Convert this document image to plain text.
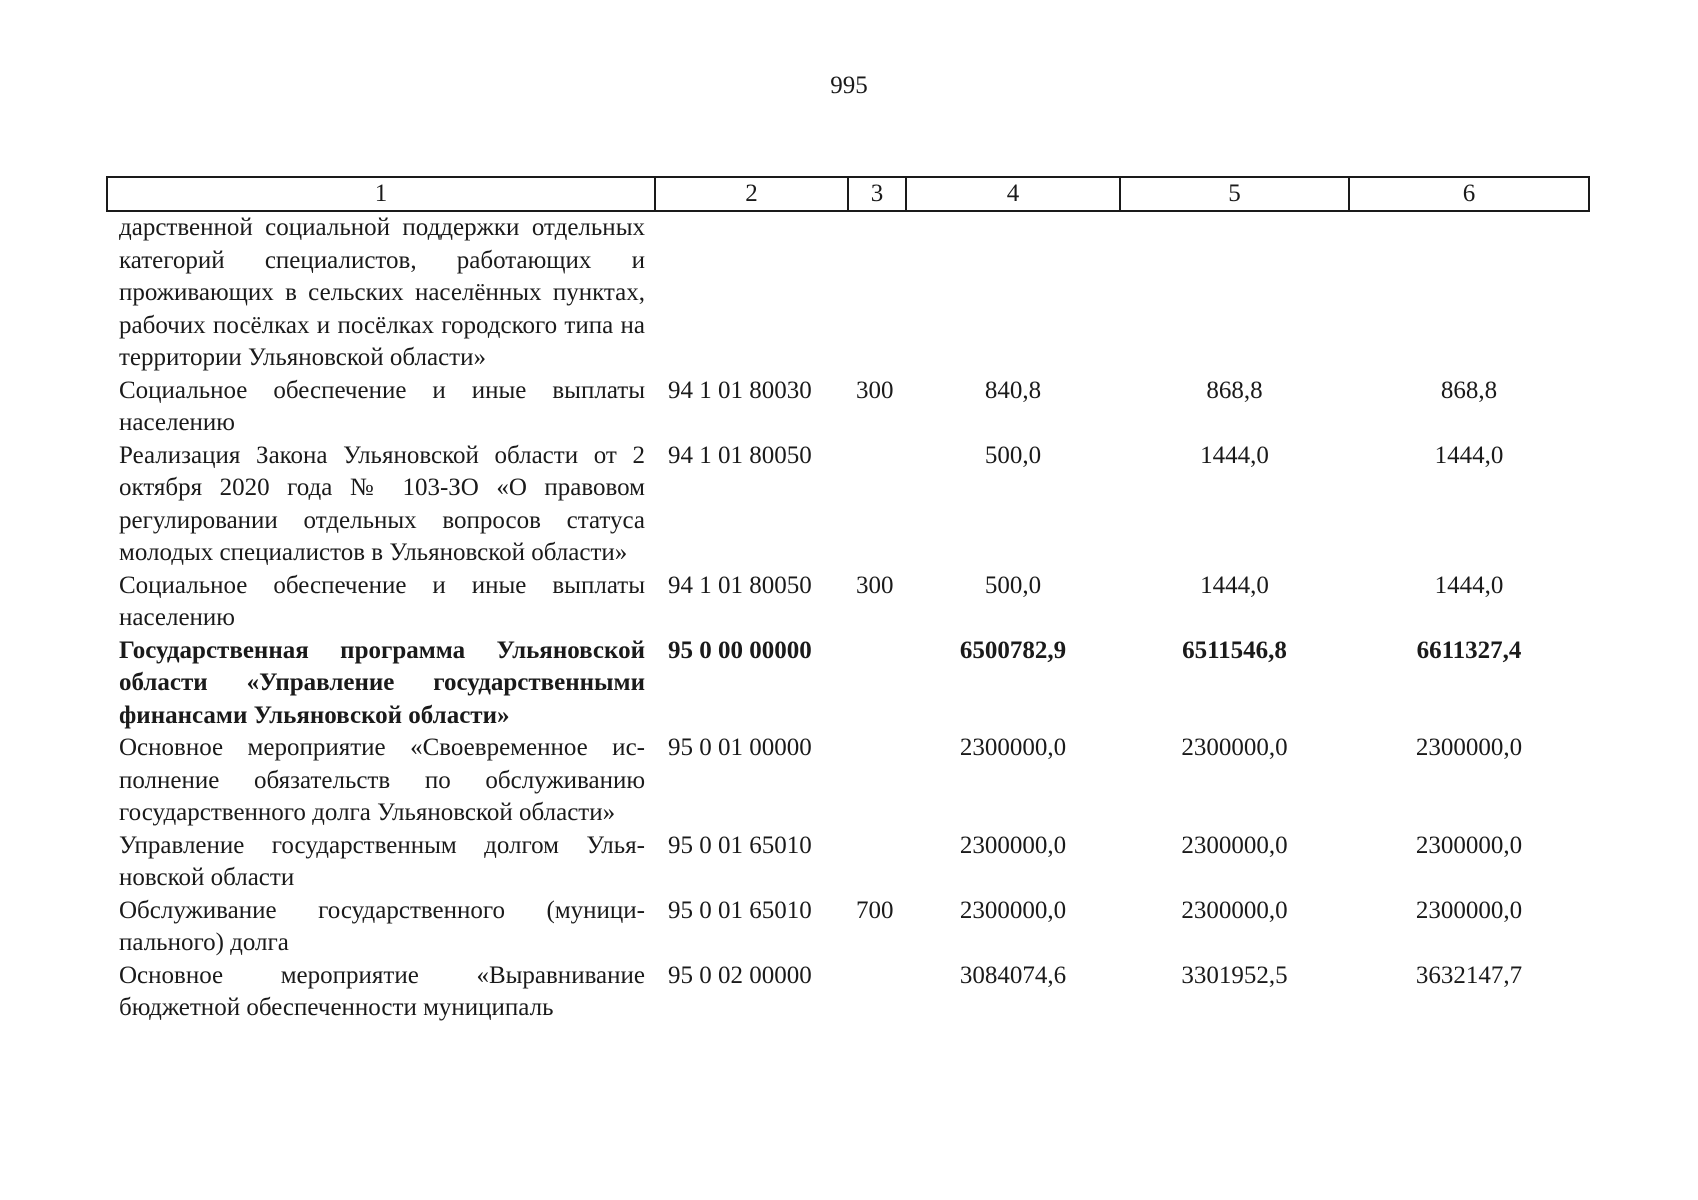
995
1	2	3	4	5	6
дарственной социальной поддержки отдельных категорий специалистов, работающих и проживающих в сельских населённых пунктах, рабочих посёлках и посёлках городского типа на территории Ульяновской области»					
Социальное обеспечение и иные выплаты населению	94 1 01 80030	300	840,8	868,8	868,8
Реализация Закона Ульяновской области от 2 октября 2020 года № 103-ЗО «О правовом регулировании отдельных вопросов статуса молодых специалистов в Ульяновской области»	94 1 01 80050		500,0	1444,0	1444,0
Социальное обеспечение и иные выплаты населению	94 1 01 80050	300	500,0	1444,0	1444,0
Государственная программа Ульяновской области «Управление государственными финансами Ульяновской области»	95 0 00 00000		6500782,9	6511546,8	6611327,4
Основное мероприятие «Своевременное исполнение обязательств по обслуживанию государственного долга Ульяновской области»	95 0 01 00000		2300000,0	2300000,0	2300000,0
Управление государственным долгом Ульяновской области	95 0 01 65010		2300000,0	2300000,0	2300000,0
Обслуживание государственного (муниципального) долга	95 0 01 65010	700	2300000,0	2300000,0	2300000,0
Основное мероприятие «Выравнивание бюджетной обеспеченности муниципаль	95 0 02 00000		3084074,6	3301952,5	3632147,7
